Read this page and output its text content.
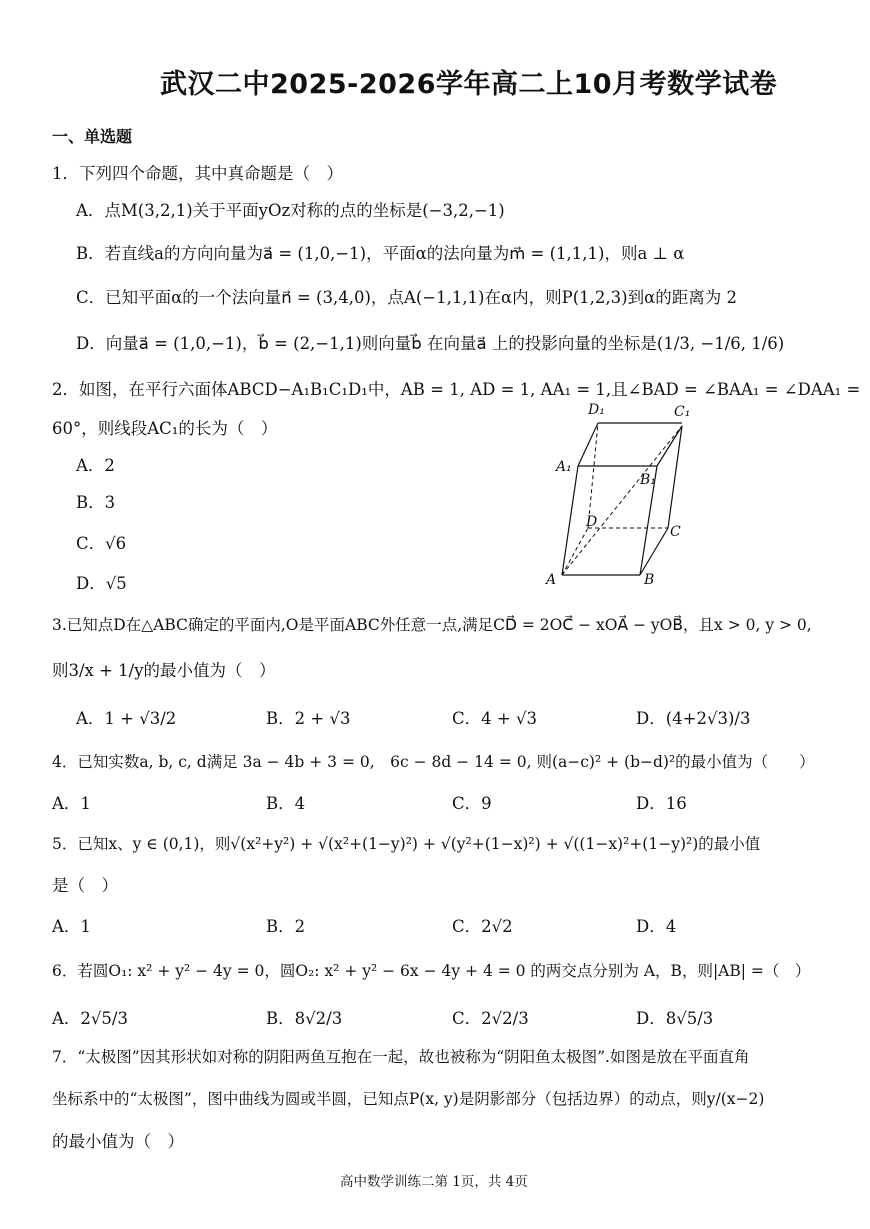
武汉二中2025-2026学年高二上10月考数学试卷
一、单选题
1．下列四个命题，其中真命题是（　）
A．点M(3,2,1)关于平面yOz对称的点的坐标是(−3,2,−1)
B．若直线a的方向向量为a⃗ = (1,0,−1)，平面α的法向量为m⃗ = (1,1,1)，则a ⊥ α
C．已知平面α的一个法向量n⃗ = (3,4,0)，点A(−1,1,1)在α内，则P(1,2,3)到α的距离为 2
D．向量a⃗ = (1,0,−1)，b⃗ = (2,−1,1)则向量b⃗ 在向量a⃗ 上的投影向量的坐标是(1/3, −1/6, 1/6)
2．如图，在平行六面体ABCD−A₁B₁C₁D₁中，AB = 1, AD = 1, AA₁ = 1,且∠BAD = ∠BAA₁ = ∠DAA₁ =
60°，则线段AC₁的长为（　）
A．2
B．3
C．√6
D．√5	A	B
C
D
A₁
B₁
C₁
D₁
3.已知点D在△ABC确定的平面内,O是平面ABC外任意一点,满足CD⃗ = 2OC⃗ − xOA⃗ − yOB⃗，且x > 0, y > 0,
则3/x + 1/y的最小值为（　）
A．1 + √3/2	B．2 + √3	C．4 + √3	D．(4+2√3)/3
4．已知实数a, b, c, d满足 3a − 4b + 3 = 0,　6c − 8d − 14 = 0, 则(a−c)² + (b−d)²的最小值为（　　）
A．1	B．4	C．9	D．16
5．已知x、y ∈ (0,1)，则√(x²+y²) + √(x²+(1−y)²) + √(y²+(1−x)²) + √((1−x)²+(1−y)²)的最小值
是（　）
A．1	B．2	C．2√2	D．4
6．若圆O₁: x² + y² − 4y = 0，圆O₂: x² + y² − 6x − 4y + 4 = 0 的两交点分别为 A，B，则|AB| =（　）
A．2√5/3	B．8√2/3	C．2√2/3	D．8√5/3
7．“太极图”因其形状如对称的阴阳两鱼互抱在一起，故也被称为“阴阳鱼太极图”.如图是放在平面直角
坐标系中的“太极图”，图中曲线为圆或半圆，已知点P(x, y)是阴影部分（包括边界）的动点，则y/(x−2)
的最小值为（　）
高中数学训练二第 1页，共 4页
